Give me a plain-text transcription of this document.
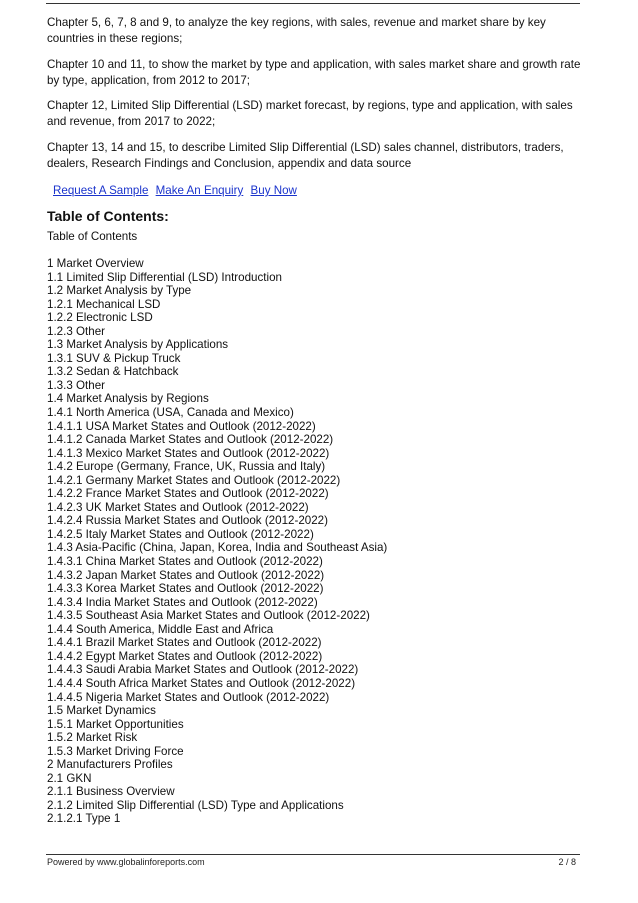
Chapter 5, 6, 7, 8 and 9, to analyze the key regions, with sales, revenue and market share by key countries in these regions;

Chapter 10 and 11, to show the market by type and application, with sales market share and growth rate by type, application, from 2012 to 2017;

Chapter 12, Limited Slip Differential (LSD) market forecast, by regions, type and application, with sales and revenue, from 2017 to 2022;

Chapter 13, 14 and 15, to describe Limited Slip Differential (LSD) sales channel, distributors, traders, dealers, Research Findings and Conclusion, appendix and data source

Request A Sample Make An Enquiry Buy Now
Table of Contents:
Table of Contents
1 Market Overview
1.1 Limited Slip Differential (LSD) Introduction
1.2 Market Analysis by Type
1.2.1 Mechanical LSD
1.2.2 Electronic LSD
1.2.3 Other
1.3 Market Analysis by Applications
1.3.1 SUV & Pickup Truck
1.3.2 Sedan & Hatchback
1.3.3 Other
1.4 Market Analysis by Regions
1.4.1 North America (USA, Canada and Mexico)
1.4.1.1 USA Market States and Outlook (2012-2022)
1.4.1.2 Canada Market States and Outlook (2012-2022)
1.4.1.3 Mexico Market States and Outlook (2012-2022)
1.4.2 Europe (Germany, France, UK, Russia and Italy)
1.4.2.1 Germany Market States and Outlook (2012-2022)
1.4.2.2 France Market States and Outlook (2012-2022)
1.4.2.3 UK Market States and Outlook (2012-2022)
1.4.2.4 Russia Market States and Outlook (2012-2022)
1.4.2.5 Italy Market States and Outlook (2012-2022)
1.4.3 Asia-Pacific (China, Japan, Korea, India and Southeast Asia)
1.4.3.1 China Market States and Outlook (2012-2022)
1.4.3.2 Japan Market States and Outlook (2012-2022)
1.4.3.3 Korea Market States and Outlook (2012-2022)
1.4.3.4 India Market States and Outlook (2012-2022)
1.4.3.5 Southeast Asia Market States and Outlook (2012-2022)
1.4.4 South America, Middle East and Africa
1.4.4.1 Brazil Market States and Outlook (2012-2022)
1.4.4.2 Egypt Market States and Outlook (2012-2022)
1.4.4.3 Saudi Arabia Market States and Outlook (2012-2022)
1.4.4.4 South Africa Market States and Outlook (2012-2022)
1.4.4.5 Nigeria Market States and Outlook (2012-2022)
1.5 Market Dynamics
1.5.1 Market Opportunities
1.5.2 Market Risk
1.5.3 Market Driving Force
2 Manufacturers Profiles
2.1 GKN
2.1.1 Business Overview
2.1.2 Limited Slip Differential (LSD) Type and Applications
2.1.2.1 Type 1
Powered by www.globalinforeports.com	2 / 8
